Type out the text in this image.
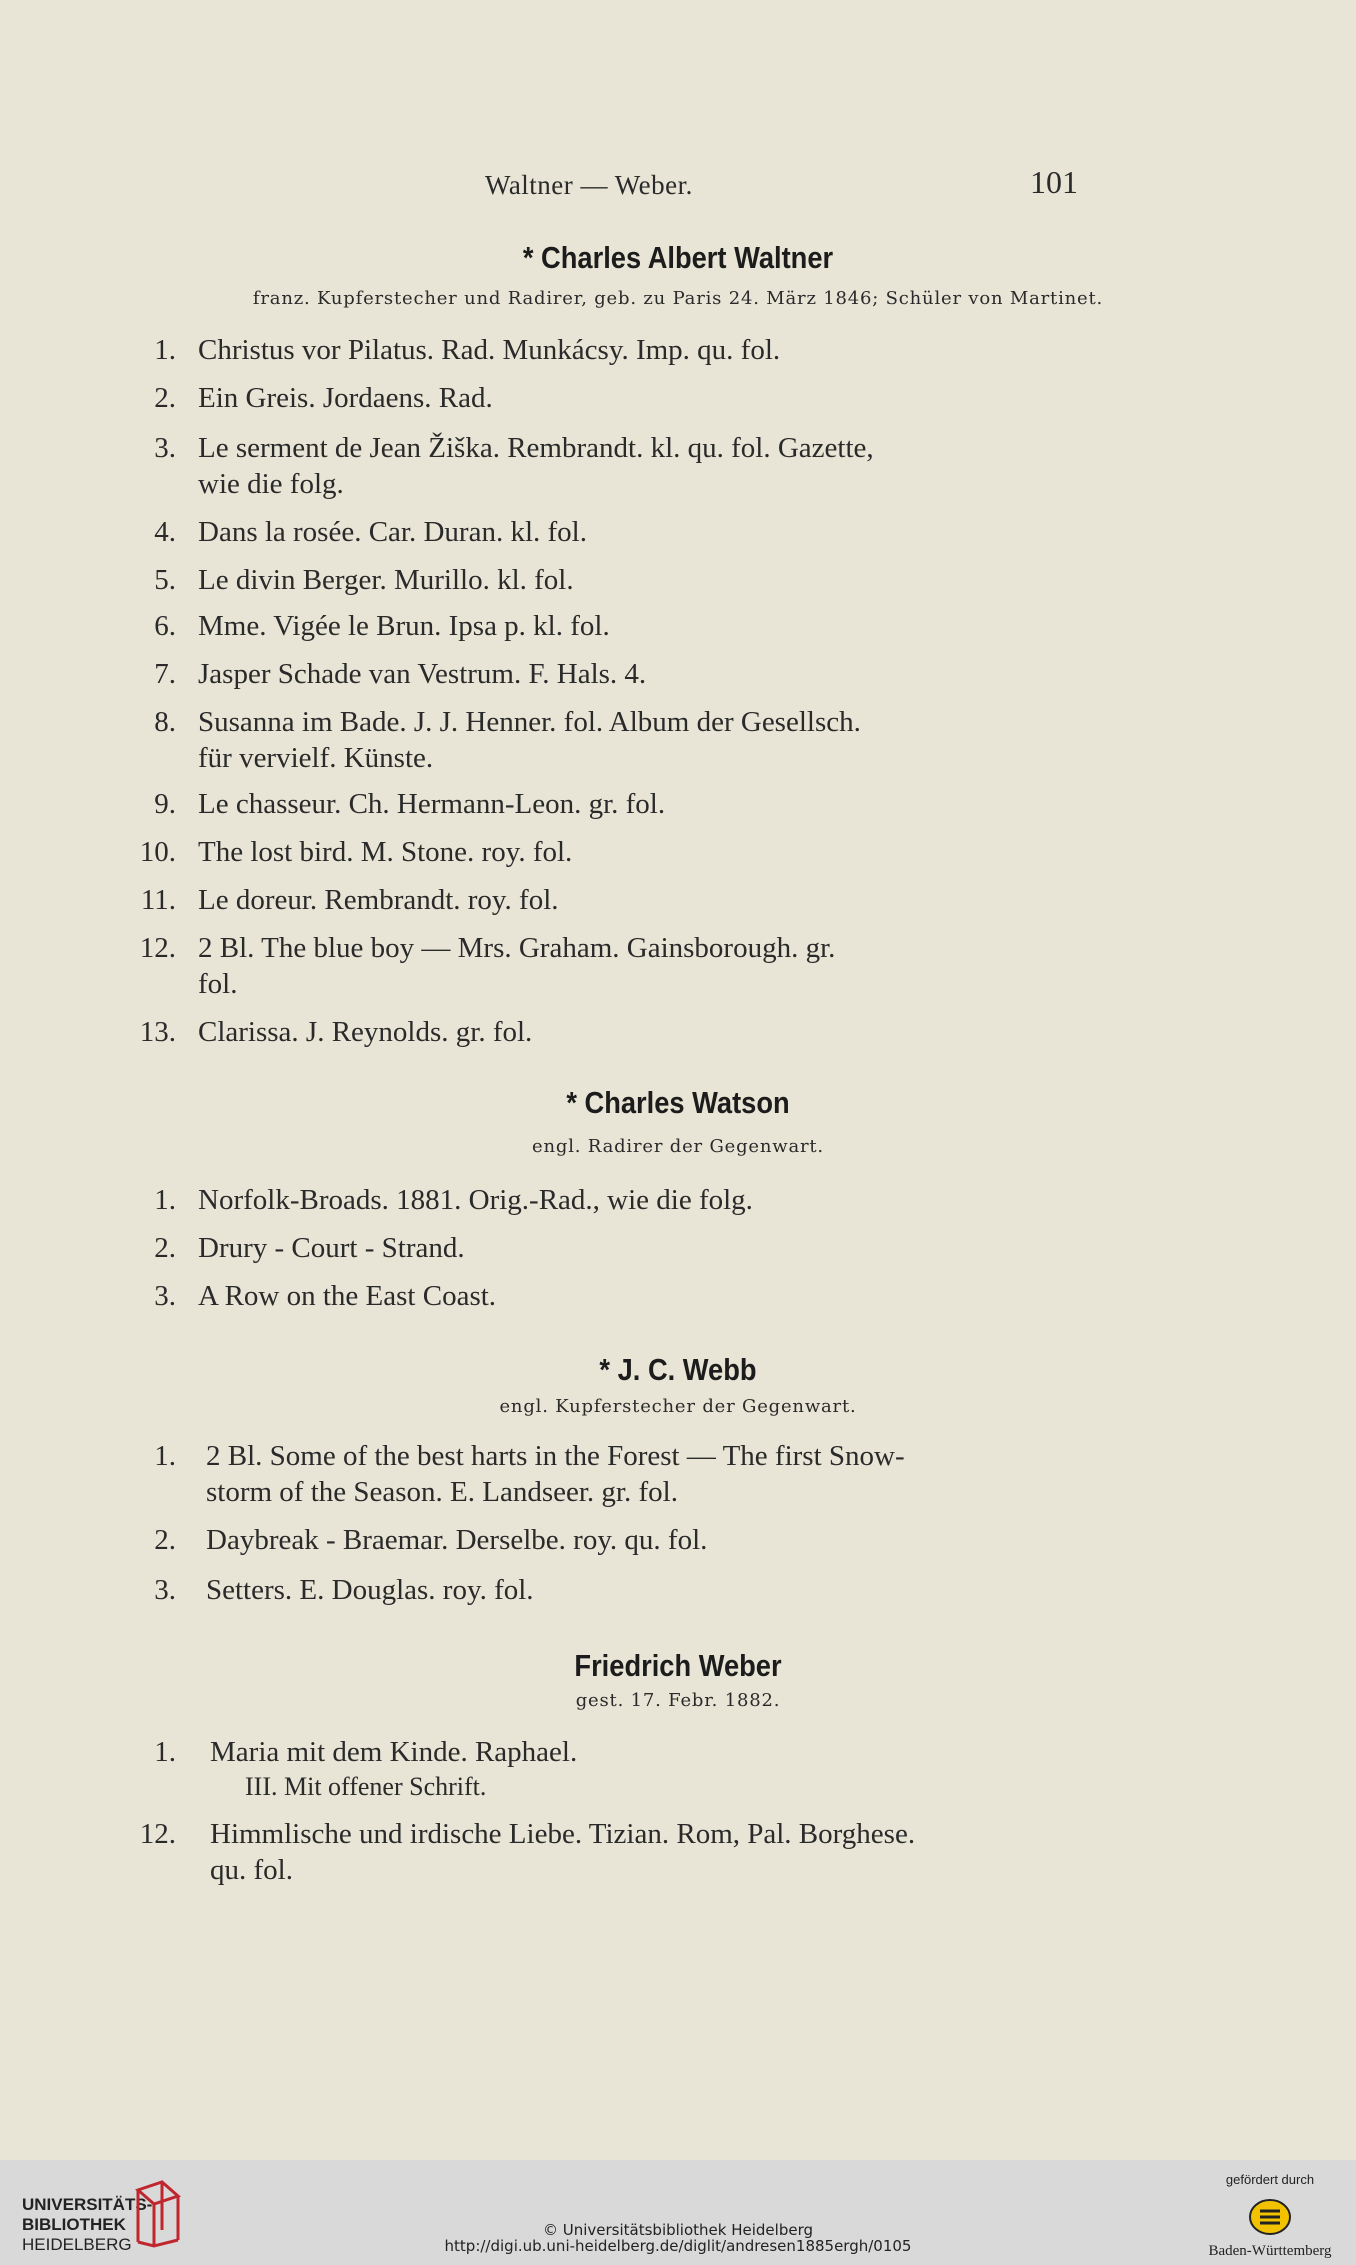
Waltner — Weber.	101
* Charles Albert Waltner
franz. Kupferstecher und Radirer, geb. zu Paris 24. März 1846; Schüler von Martinet.
1. Christus vor Pilatus. Rad. Munkácsy. Imp. qu. fol.
2. Ein Greis. Jordaens. Rad.
3. Le serment de Jean Žiška. Rembrandt. kl. qu. fol. Gazette,
wie die folg.
4. Dans la rosée. Car. Duran. kl. fol.
5. Le divin Berger. Murillo. kl. fol.
6. Mme. Vigée le Brun. Ipsa p. kl. fol.
7. Jasper Schade van Vestrum. F. Hals. 4.
8. Susanna im Bade. J. J. Henner. fol. Album der Gesellsch.
für vervielf. Künste.
9. Le chasseur. Ch. Hermann-Leon. gr. fol.
10. The lost bird. M. Stone. roy. fol.
11. Le doreur. Rembrandt. roy. fol.
12. 2 Bl. The blue boy — Mrs. Graham. Gainsborough. gr.
fol.
13. Clarissa. J. Reynolds. gr. fol.
* Charles Watson
engl. Radirer der Gegenwart.
1. Norfolk-Broads. 1881. Orig.-Rad., wie die folg.
2. Drury - Court - Strand.
3. A Row on the East Coast.
* J. C. Webb
engl. Kupferstecher der Gegenwart.
1. 2 Bl. Some of the best harts in the Forest — The first Snow-
storm of the Season. E. Landseer. gr. fol.
2. Daybreak - Braemar. Derselbe. roy. qu. fol.
3. Setters. E. Douglas. roy. fol.
Friedrich Weber
gest. 17. Febr. 1882.
1. Maria mit dem Kinde. Raphael.
III. Mit offener Schrift.
12. Himmlische und irdische Liebe. Tizian. Rom, Pal. Borghese.
qu. fol.
UNIVERSITÄTS-
BIBLIOTHEK
HEIDELBERG
© Universitätsbibliothek Heidelberg
http://digi.ub.uni-heidelberg.de/diglit/andresen1885ergh/0105
gefördert durch
Baden-Württemberg
